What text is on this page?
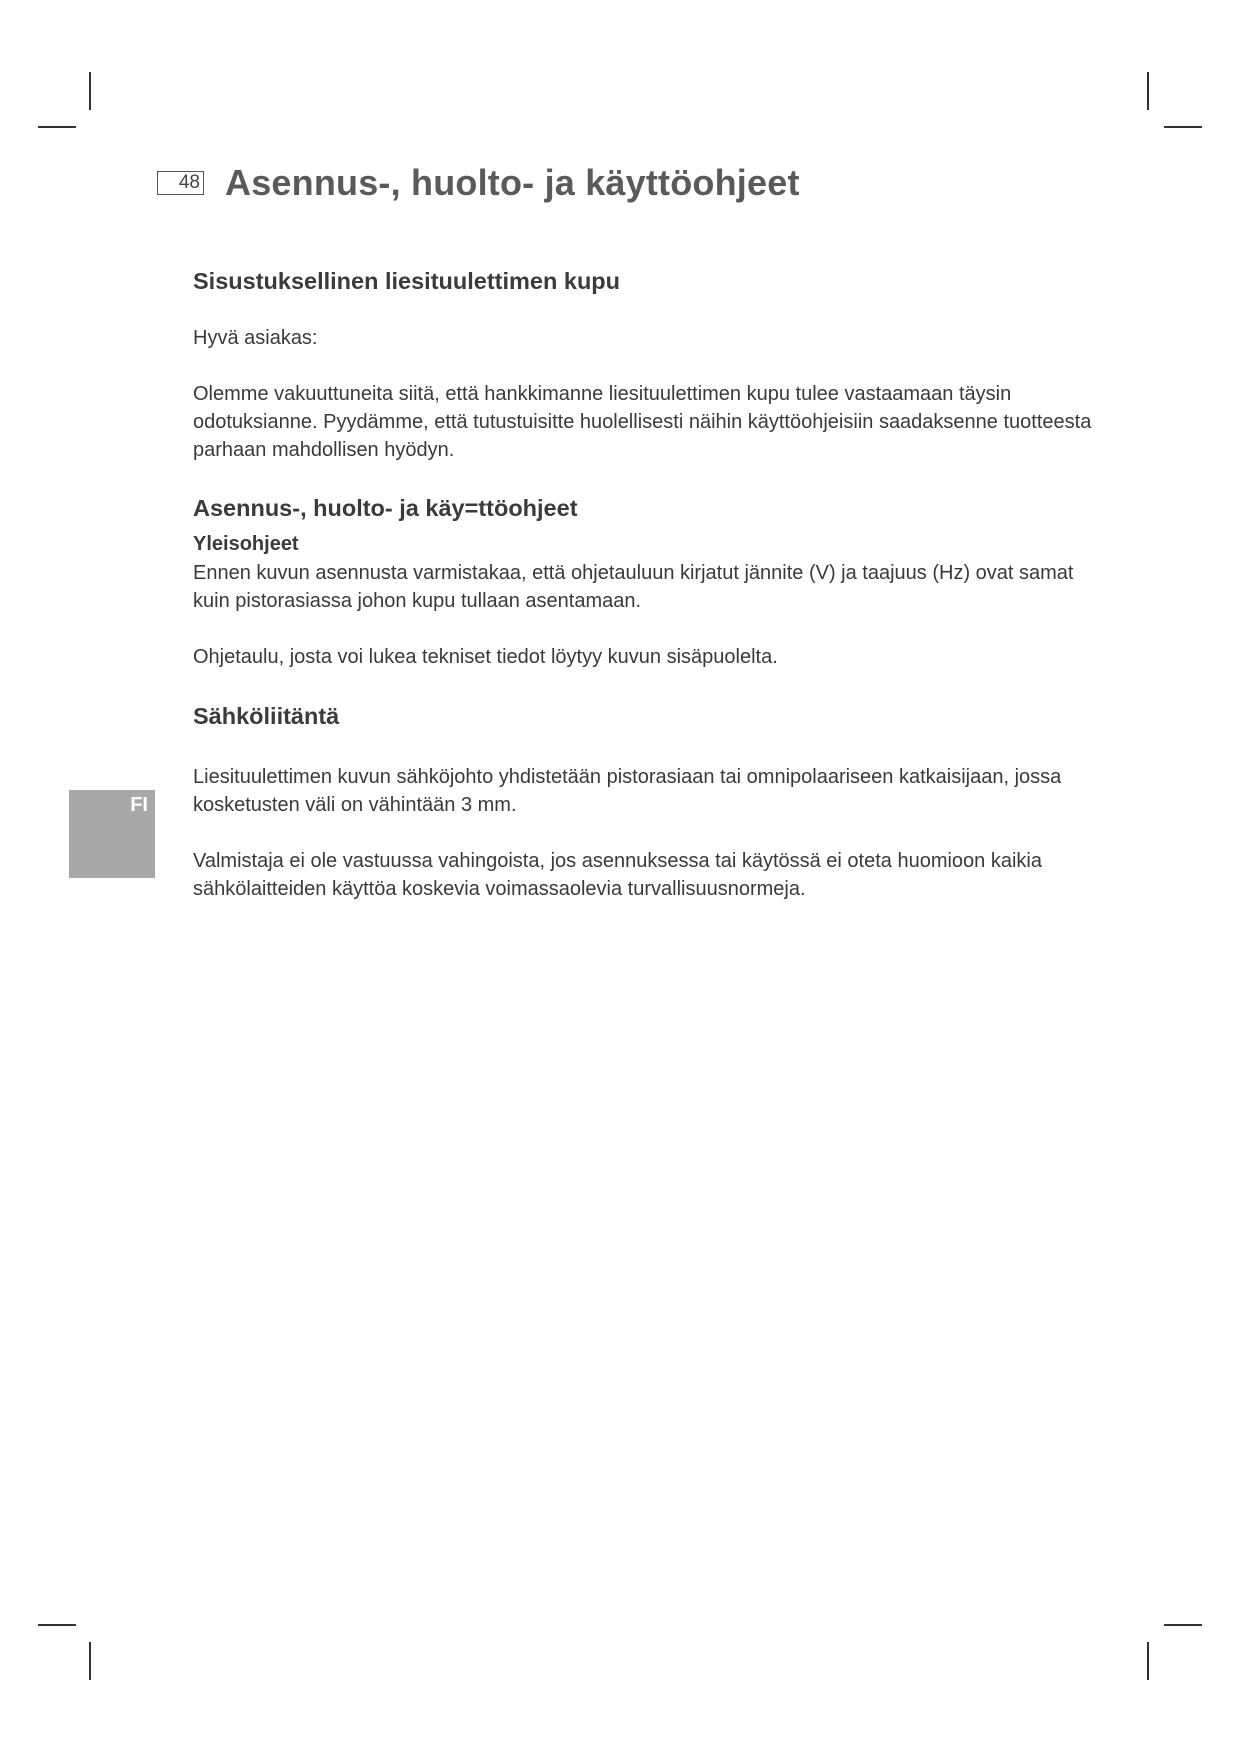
48 Asennus-, huolto- ja käyttöohjeet
FI
Sisustuksellinen liesituulettimen kupu

Hyvä asiakas:

Olemme vakuuttuneita siitä, että hankkimanne liesituulettimen kupu tulee vastaamaan täysin odotuksianne. Pyydämme, että tutustuisitte huolellisesti näihin käyttöohjeisiin saadaksenne tuotteesta parhaan mahdollisen hyödyn.

Asennus-, huolto- ja käy=ttöohjeet
Yleisohjeet

Ennen kuvun asennusta varmistakaa, että ohjetauluun kirjatut jännite (V) ja taajuus (Hz) ovat samat kuin pistorasiassa johon kupu tullaan asentamaan.

Ohjetaulu, josta voi lukea tekniset tiedot löytyy kuvun sisäpuolelta.

Sähköliitäntä

Liesituulettimen kuvun sähköjohto yhdistetään pistorasiaan tai omnipolaariseen katkaisijaan, jossa kosketusten väli on vähintään 3 mm.

Valmistaja ei ole vastuussa vahingoista, jos asennuksessa tai käytössä ei oteta huomioon kaikia sähkölaitteiden käyttöa koskevia voimassaolevia turvallisuusnormeja.
